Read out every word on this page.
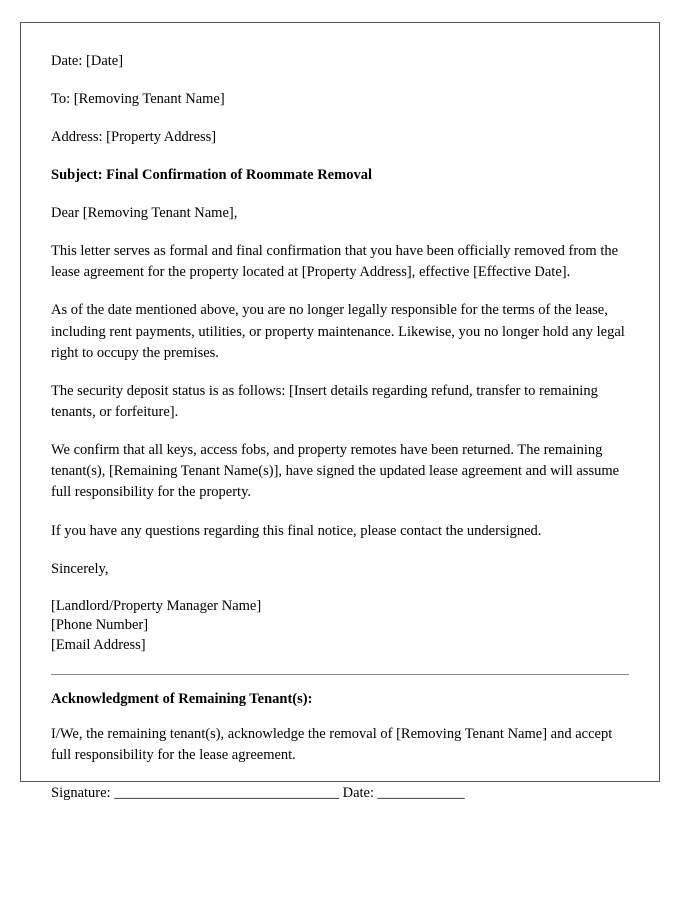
Date: [Date]

To: [Removing Tenant Name]

Address: [Property Address]

Subject: Final Confirmation of Roommate Removal

Dear [Removing Tenant Name],

This letter serves as formal and final confirmation that you have been officially removed from the lease agreement for the property located at [Property Address], effective [Effective Date].

As of the date mentioned above, you are no longer legally responsible for the terms of the lease, including rent payments, utilities, or property maintenance. Likewise, you no longer hold any legal right to occupy the premises.

The security deposit status is as follows: [Insert details regarding refund, transfer to remaining tenants, or forfeiture].

We confirm that all keys, access fobs, and property remotes have been returned. The remaining tenant(s), [Remaining Tenant Name(s)], have signed the updated lease agreement and will assume full responsibility for the property.

If you have any questions regarding this final notice, please contact the undersigned.

Sincerely,

[Landlord/Property Manager Name]
[Phone Number]
[Email Address]

Acknowledgment of Remaining Tenant(s):

I/We, the remaining tenant(s), acknowledge the removal of [Removing Tenant Name] and accept full responsibility for the lease agreement.

Signature: _______________________________ Date: ____________
